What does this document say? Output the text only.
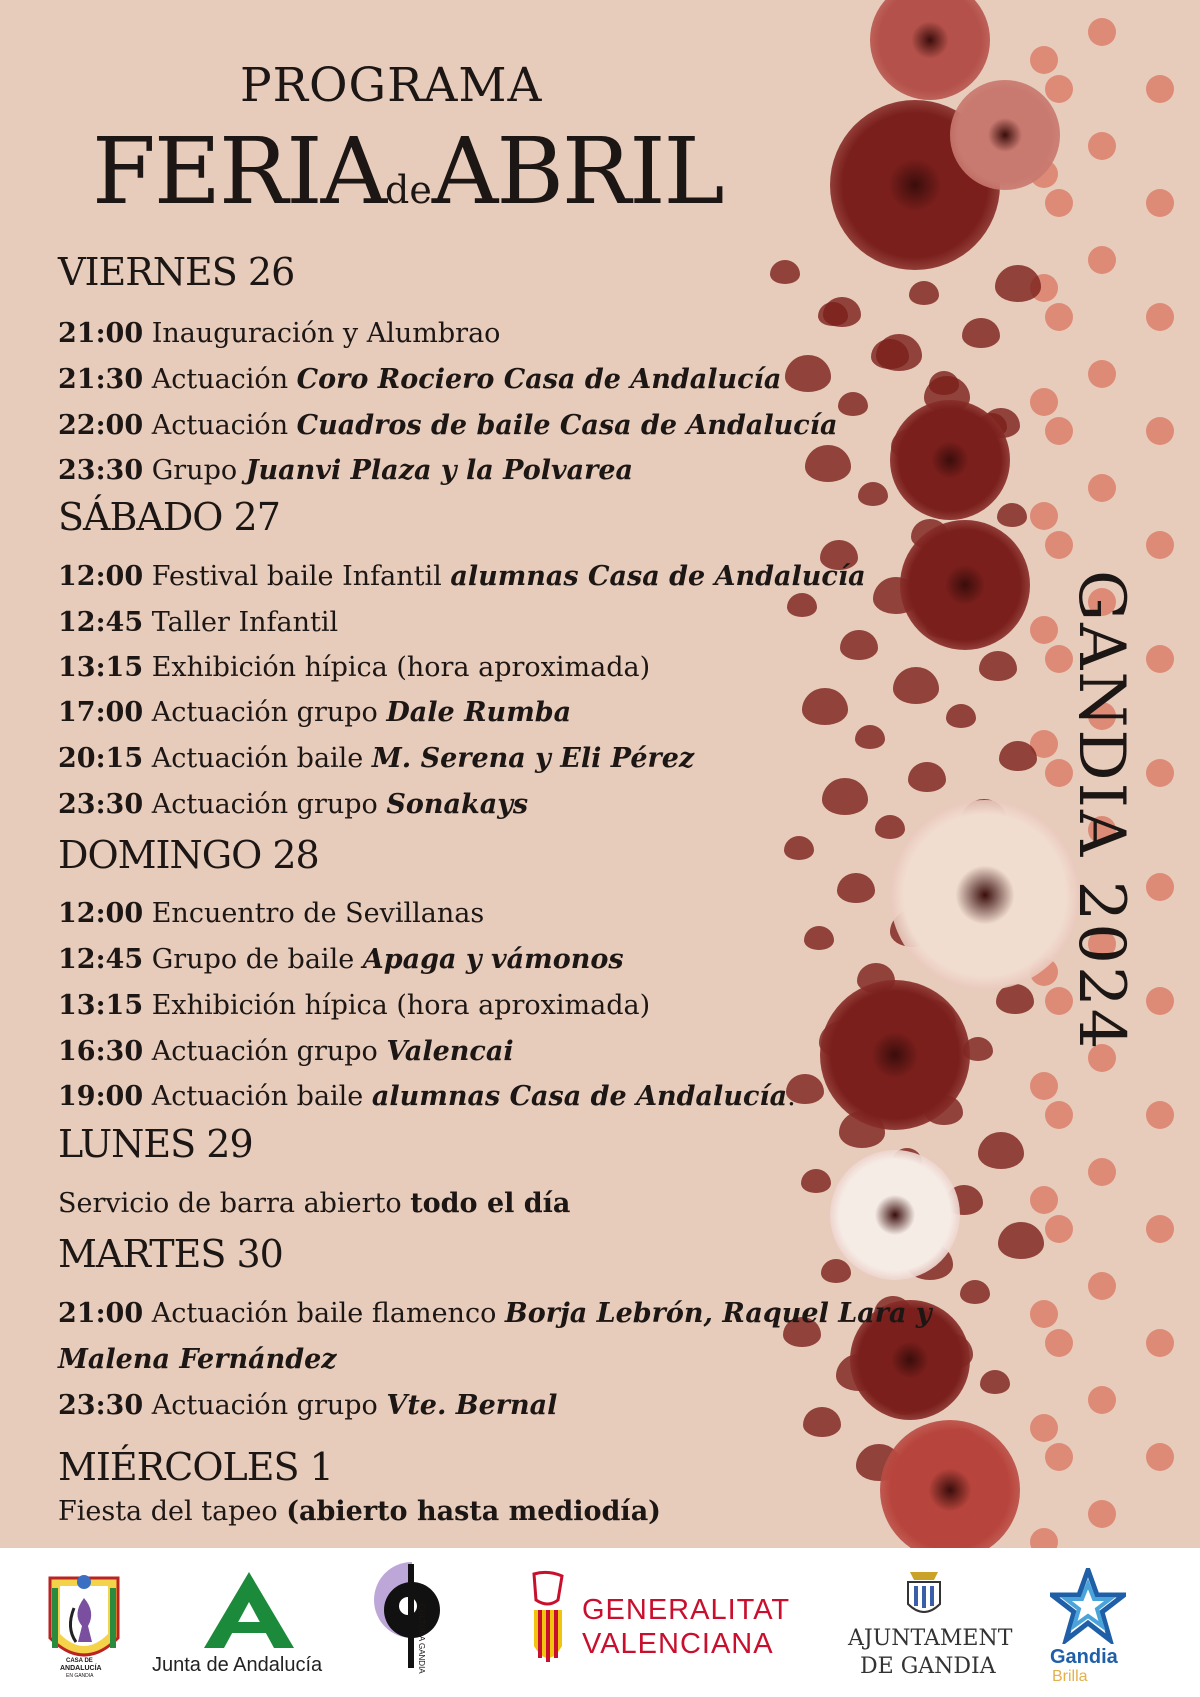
PROGRAMA
FERIAdeABRIL
GANDIA 2024
VIERNES 26
21:00 Inauguración y Alumbrao
21:30 Actuación Coro Rociero Casa de Andalucía
22:00 Actuación Cuadros de baile Casa de Andalucía
23:30 Grupo Juanvi Plaza y la Polvarea
SÁBADO 27
12:00 Festival baile Infantil alumnas Casa de Andalucía
12:45 Taller Infantil
13:15 Exhibición hípica (hora aproximada)
17:00 Actuación grupo Dale Rumba
20:15 Actuación baile M. Serena y Eli Pérez
23:30 Actuación grupo Sonakays
DOMINGO 28
12:00 Encuentro de Sevillanas
12:45 Grupo de baile Apaga y vámonos
13:15 Exhibición hípica (hora aproximada)
16:30 Actuación grupo Valencai
19:00 Actuación baile alumnas Casa de Andalucía.
LUNES 29
Servicio de barra abierto todo el día
MARTES 30
21:00 Actuación baile flamenco Borja Lebrón, Raquel Lara y
Malena Fernández
23:30 Actuación grupo Vte. Bernal
MIÉRCOLES 1
Fiesta del tapeo (abierto hasta mediodía)
CASA DE
ANDALUCÍA
EN GANDIA	Junta de Andalucía	CULTURA GANDIA	GENERALITAT
VALENCIANA	AJUNTAMENT
DE GANDIA	Gandia
Brilla
